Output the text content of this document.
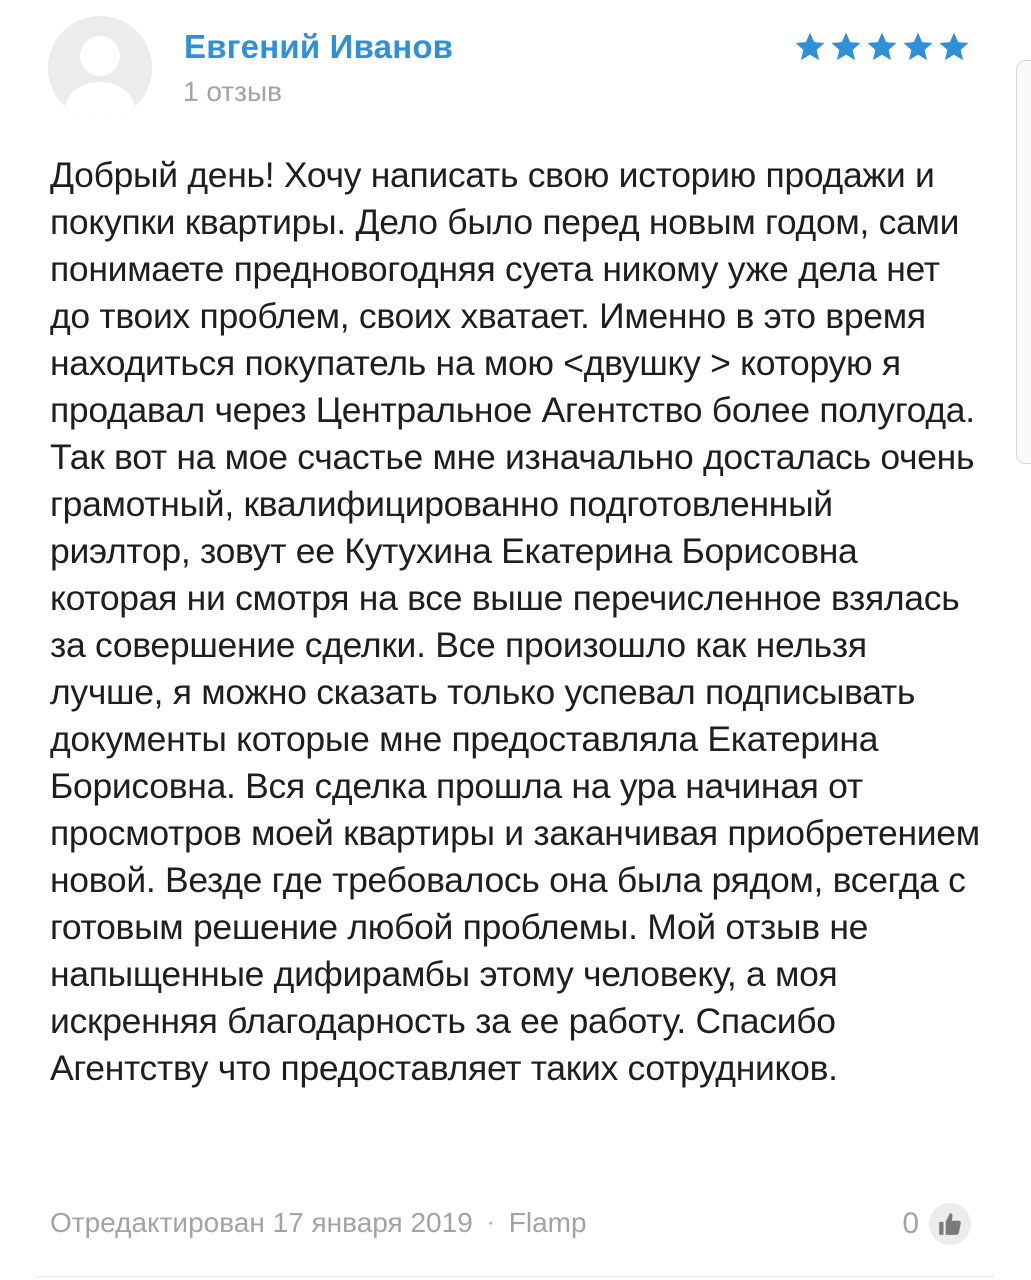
Евгений Иванов
1 отзыв
Добрый день! Хочу написать свою историю продажи и покупки квартиры. Дело было перед новым годом, сами понимаете предновогодняя суета никому уже дела нет до твоих проблем, своих хватает. Именно в это время находиться покупатель на мою <двушку > которую я продавал через Центральное Агентство более полугода. Так вот на мое счастье мне изначально досталась очень грамотный, квалифицированно подготовленный риэлтор, зовут ее Кутухина Екатерина Борисовна которая ни смотря на все выше перечисленное взялась за совершение сделки. Все произошло как нельзя лучше, я можно сказать только успевал подписывать документы которые мне предоставляла Екатерина Борисовна. Вся сделка прошла на ура начиная от просмотров моей квартиры и заканчивая приобретением новой. Везде где требовалось она была рядом, всегда с готовым решение любой проблемы. Мой отзыв не напыщенные дифирамбы этому человеку, а моя искренняя благодарность за ее работу. Спасибо Агентству что предоставляет таких сотрудников.
Отредактирован 17 января 2019 · Flamp	0
